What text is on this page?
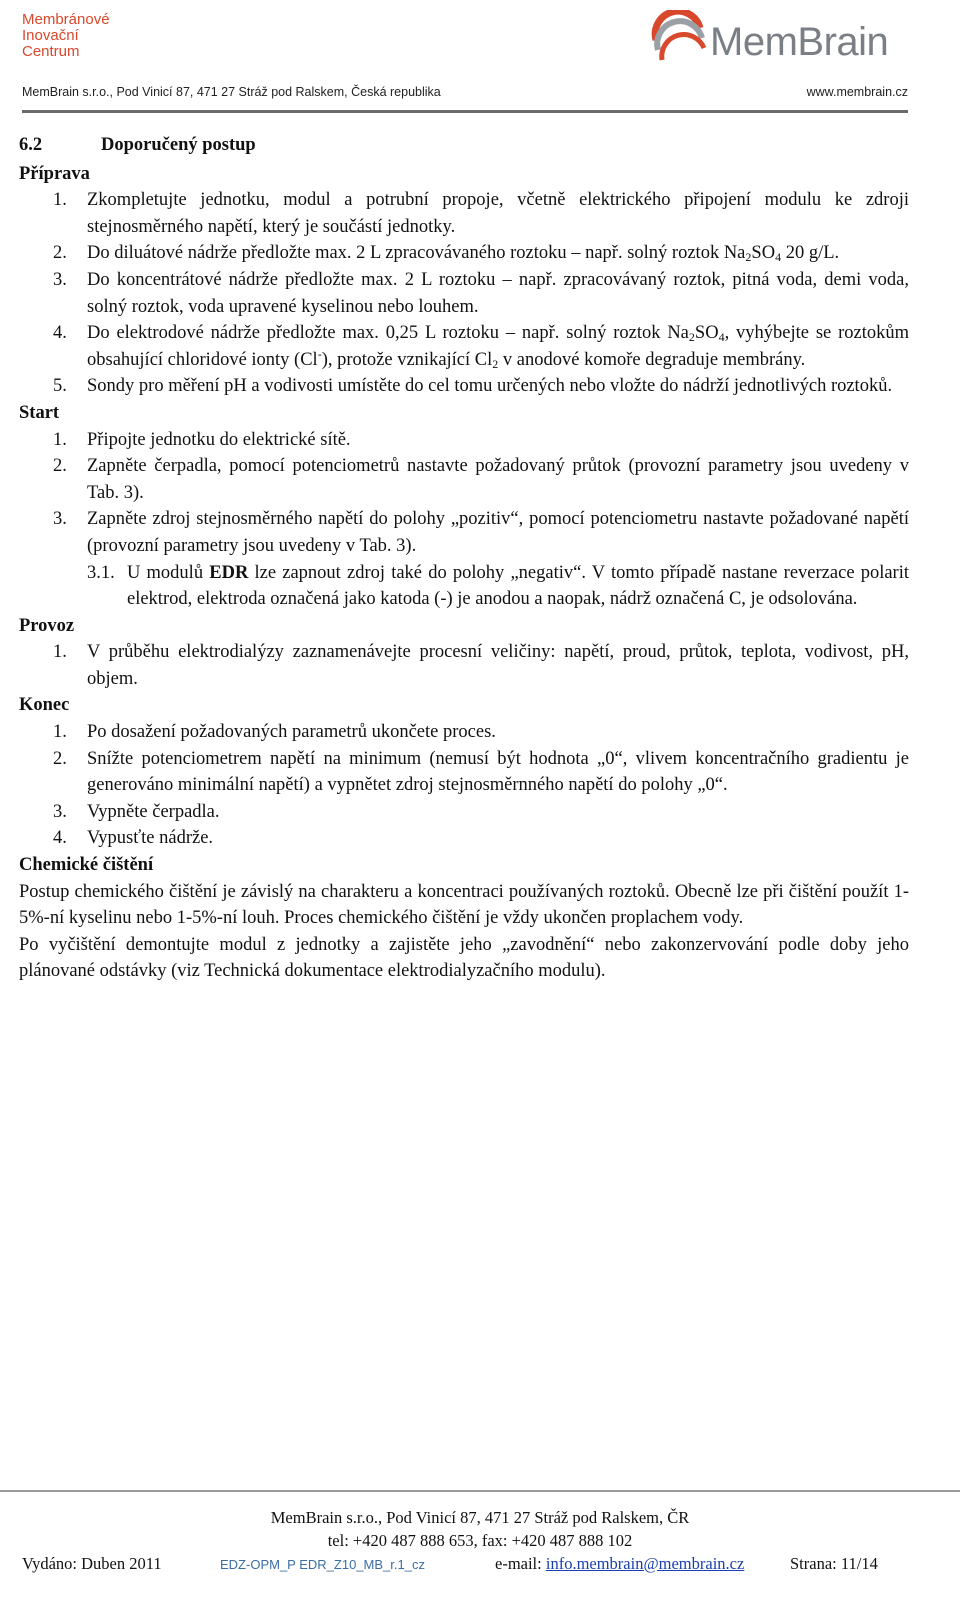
Membránové
Inovační
Centrum	MemBrain
MemBrain s.r.o., Pod Vinicí 87, 471 27 Stráž pod Ralskem, Česká republika	www.membrain.cz
6.2	Doporučený postup
Příprava
1.	Zkompletujte jednotku, modul a potrubní propoje, včetně elektrického připojení modulu ke zdroji stejnosměrného napětí, který je součástí jednotky.
2.	Do diluátové nádrže předložte max. 2 L zpracovávaného roztoku – např. solný roztok $Na_2SO_4$ 20 g/L.
3.	Do koncentrátové nádrže předložte max. 2 L roztoku – např. zpracovávaný roztok, pitná voda, demi voda, solný roztok, voda upravené kyselinou nebo louhem.
4.	Do elektrodové nádrže předložte max. 0,25 L roztoku – např. solný roztok $Na_2SO_4$, vyhýbejte se roztokům obsahující chloridové ionty (Cl-), protože vznikající $Cl_2$ v anodové komoře degraduje membrány.
5.	Sondy pro měření pH a vodivosti umístěte do cel tomu určených nebo vložte do nádrží jednotlivých roztoků.
Start
1.	Připojte jednotku do elektrické sítě.
2.	Zapněte čerpadla, pomocí potenciometrů nastavte požadovaný průtok (provozní parametry jsou uvedeny v Tab. 3).
3.	Zapněte zdroj stejnosměrného napětí do polohy „pozitiv“, pomocí potenciometru nastavte požadované napětí (provozní parametry jsou uvedeny v Tab. 3).
3.1. U modulů EDR lze zapnout zdroj také do polohy „negativ“. V tomto případě nastane reverzace polarit elektrod, elektroda označená jako katoda (-) je anodou a naopak, nádrž označená C, je odsolována.
Provoz
1.	V průběhu elektrodialýzy zaznamenávejte procesní veličiny: napětí, proud, průtok, teplota, vodivost, pH, objem.
Konec
1.	Po dosažení požadovaných parametrů ukončete proces.
2.	Snížte potenciometrem napětí na minimum (nemusí být hodnota „0“, vlivem koncentračního gradientu je generováno minimální napětí) a vypnětet zdroj stejnosměrnného napětí do polohy „0“.
3.	Vypněte čerpadla.
4.	Vypusťte nádrže.
Chemické čištění
Postup chemického čištění je závislý na charakteru a koncentraci používaných roztoků. Obecně lze při čištění použít 1-5%-ní kyselinu nebo 1-5%-ní louh. Proces chemického čištění je vždy ukončen proplachem vody.
Po vyčištění demontujte modul z jednotky a zajistěte jeho „zavodnění“ nebo zakonzervování podle doby jeho plánované odstávky (viz Technická dokumentace elektrodialyzačního modulu).
MemBrain s.r.o., Pod Vinicí 87, 471 27 Stráž pod Ralskem, ČR
tel: +420 487 888 653, fax: +420 487 888 102
Vydáno: Duben 2011	EDZ-OPM_P EDR_Z10_MB_r.1_cz	e-mail: info.membrain@membrain.cz	Strana: 11/14
